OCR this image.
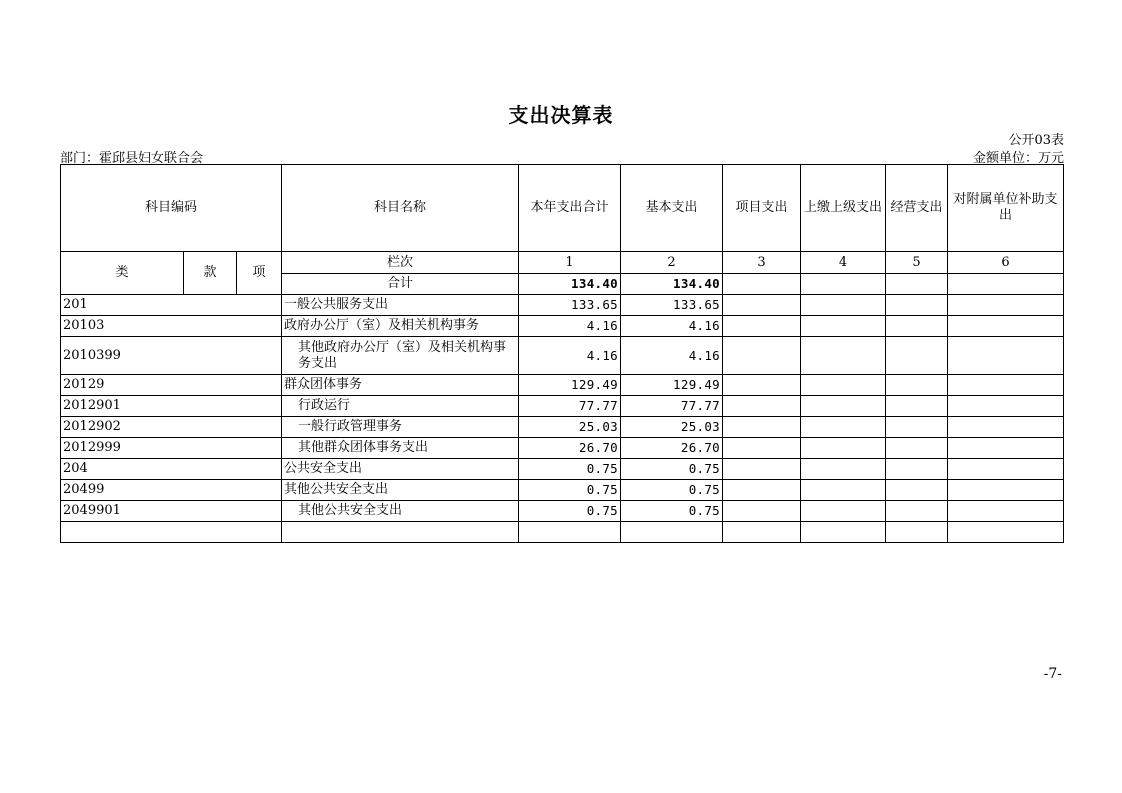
支出决算表
公开03表
部门：霍邱县妇女联合会	金额单位：万元
科目编码			科目名称	本年支出合计	基本支出	项目支出	上缴上级支出	经营支出	对附属单位补助支出
类	款	项	栏次	1	2	3	4	5	6
			合计	134.40	134.40				
201			一般公共服务支出	133.65	133.65				
20103			政府办公厅（室）及相关机构事务	4.16	4.16				
2010399			其他政府办公厅（室）及相关机构事务支出	4.16	4.16				
20129			群众团体事务	129.49	129.49				
2012901			行政运行	77.77	77.77				
2012902			一般行政管理事务	25.03	25.03				
2012999			其他群众团体事务支出	26.70	26.70				
204			公共安全支出	0.75	0.75				
20499			其他公共安全支出	0.75	0.75				
2049901			其他公共安全支出	0.75	0.75				

-7-
